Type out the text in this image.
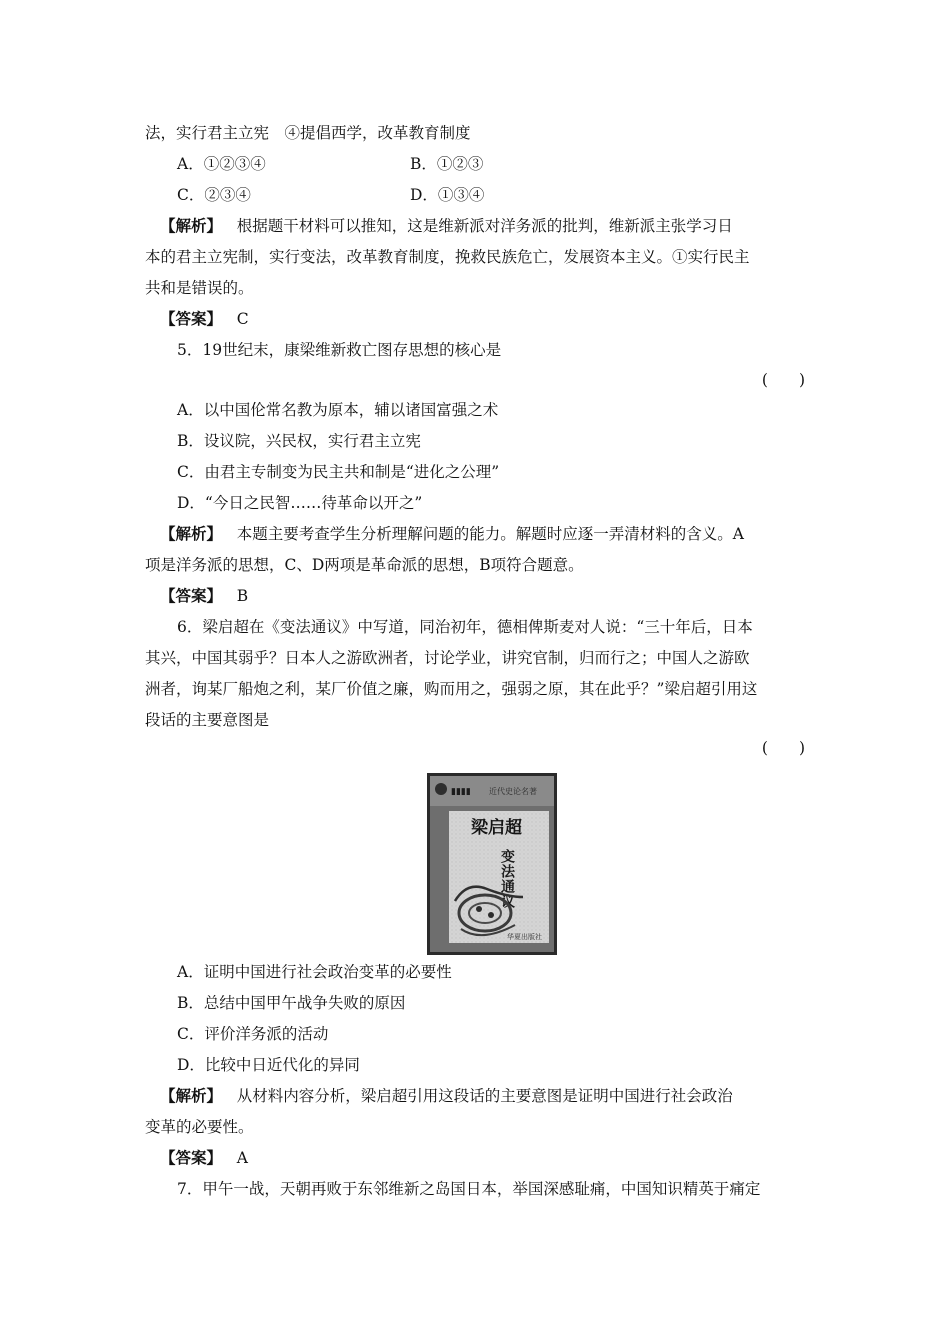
法，实行君主立宪　④提倡西学，改革教育制度
A．①②③④	B．①②③
C．②③④	D．①③④
【解析】 根据题干材料可以推知，这是维新派对洋务派的批判，维新派主张学习日
本的君主立宪制，实行变法，改革教育制度，挽救民族危亡，发展资本主义。①实行民主
共和是错误的。
【答案】 C
5．19世纪末，康梁维新救亡图存思想的核心是
(　　)
A．以中国伦常名教为原本，辅以诸国富强之术
B．设议院，兴民权，实行君主立宪
C．由君主专制变为民主共和制是“进化之公理”
D．“今日之民智……待革命以开之”
【解析】 本题主要考查学生分析理解问题的能力。解题时应逐一弄清材料的含义。A
项是洋务派的思想，C、D两项是革命派的思想，B项符合题意。
【答案】 B
6．梁启超在《变法通议》中写道，同治初年，德相俾斯麦对人说：“三十年后，日本
其兴，中国其弱乎？日本人之游欧洲者，讨论学业，讲究官制，归而行之；中国人之游欧
洲者，询某厂船炮之利，某厂价值之廉，购而用之，强弱之原，其在此乎？”梁启超引用这
段话的主要意图是
(　　)
▮▮▮▮ 近代史论名著
梁启超
变法通议
华夏出版社
A．证明中国进行社会政治变革的必要性
B．总结中国甲午战争失败的原因
C．评价洋务派的活动
D．比较中日近代化的异同
【解析】 从材料内容分析，梁启超引用这段话的主要意图是证明中国进行社会政治
变革的必要性。
【答案】 A
7．甲午一战，天朝再败于东邻维新之岛国日本，举国深感耻痛，中国知识精英于痛定
